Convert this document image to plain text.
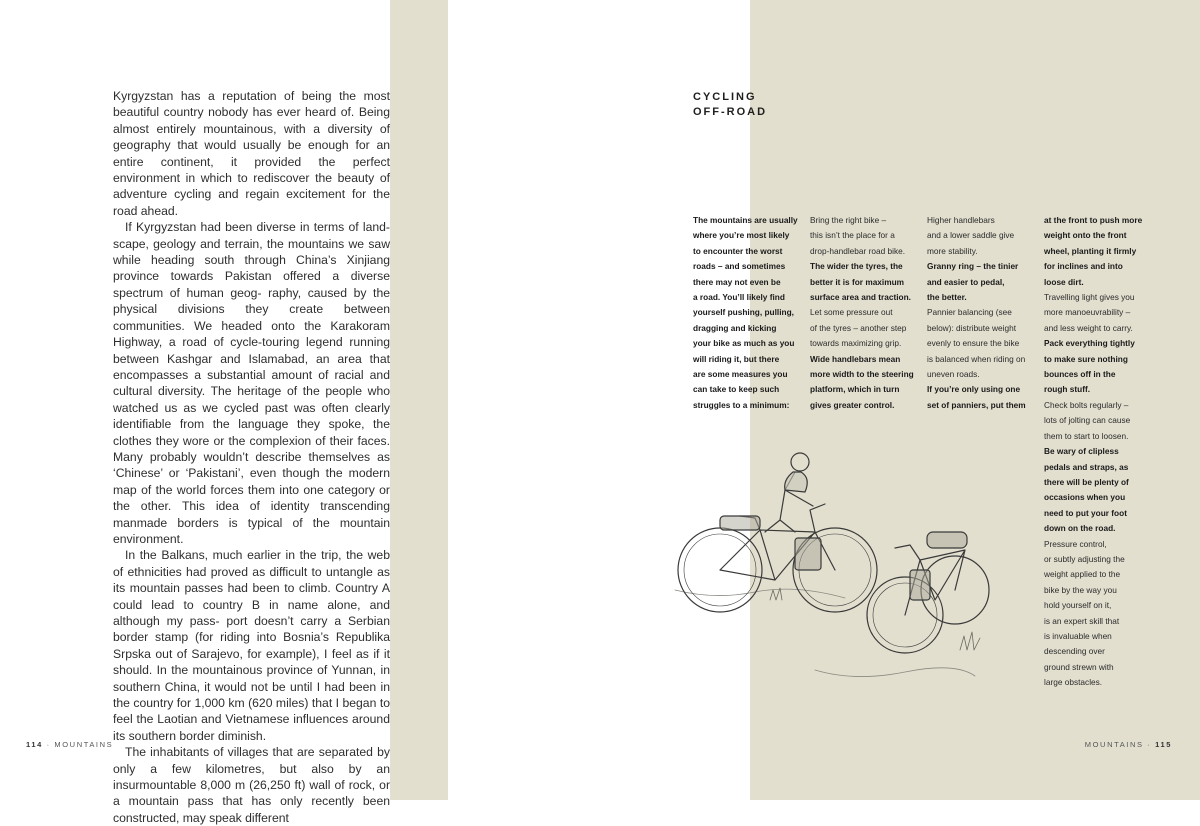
Kyrgyzstan has a reputation of being the most beautiful country nobody has ever heard of. Being almost entirely mountainous, with a diversity of geography that would usually be enough for an entire continent, it provided the perfect environment in which to rediscover the beauty of adventure cycling and regain excitement for the road ahead.

If Kyrgyzstan had been diverse in terms of land- scape, geology and terrain, the mountains we saw while heading south through China’s Xinjiang province towards Pakistan offered a diverse spectrum of human geog- raphy, caused by the physical divisions they create between communities. We headed onto the Karakoram Highway, a road of cycle-touring legend running between Kashgar and Islamabad, an area that encompasses a substantial amount of racial and cultural diversity. The heritage of the people who watched us as we cycled past was often clearly identifiable from the language they spoke, the clothes they wore or the complexion of their faces. Many probably wouldn’t describe themselves as ‘Chinese’ or ‘Pakistani’, even though the modern map of the world forces them into one category or the other. This idea of identity transcending manmade borders is typical of the mountain environment.

In the Balkans, much earlier in the trip, the web of ethnicities had proved as difficult to untangle as its mountain passes had been to climb. Country A could lead to country B in name alone, and although my pass- port doesn’t carry a Serbian border stamp (for riding into Bosnia’s Republika Srpska out of Sarajevo, for example), I feel as if it should. In the mountainous province of Yunnan, in southern China, it would not be until I had been in the country for 1,000 km (620 miles) that I began to feel the Laotian and Vietnamese influences around its southern border diminish.

The inhabitants of villages that are separated by only a few kilometres, but also by an insurmountable 8,000 m (26,250 ft) wall of rock, or a mountain pass that has only recently been constructed, may speak different

CYCLING
OFF-ROAD
The mountains are usually
where you’re most likely
to encounter the worst
roads – and sometimes
there may not even be
a road. You’ll likely find
yourself pushing, pulling,
dragging and kicking
your bike as much as you
will riding it, but there
are some measures you
can take to keep such
struggles to a minimum:
Bring the right bike –
this isn’t the place for a
drop-handlebar road bike.
The wider the tyres, the
better it is for maximum
surface area and traction.
Let some pressure out
of the tyres – another step
towards maximizing grip.
Wide handlebars mean
more width to the steering
platform, which in turn
gives greater control.
Higher handlebars
and a lower saddle give
more stability.
Granny ring – the tinier
and easier to pedal,
the better.
Pannier balancing (see
below): distribute weight
evenly to ensure the bike
is balanced when riding on
uneven roads.
If you’re only using one
set of panniers, put them
at the front to push more
weight onto the front
wheel, planting it firmly
for inclines and into
loose dirt.
Travelling light gives you
more manoeuvrability –
and less weight to carry.
Pack everything tightly
to make sure nothing
bounces off in the
rough stuff.
Check bolts regularly –
lots of jolting can cause
them to start to loosen.
Be wary of clipless
pedals and straps, as
there will be plenty of
occasions when you
need to put your foot
down on the road.
Pressure control,
or subtly adjusting the
weight applied to the
bike by the way you
hold yourself on it,
is an expert skill that
is invaluable when
descending over
ground strewn with
large obstacles.
114 · MOUNTAINS	MOUNTAINS · 115
